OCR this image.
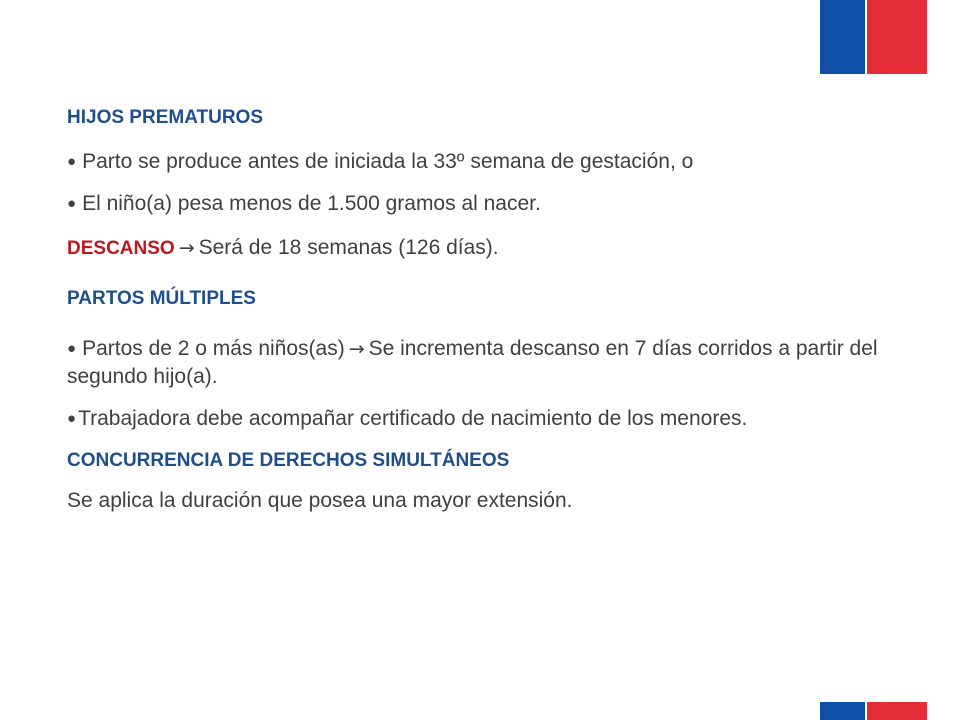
HIJOS PREMATUROS

● Parto se produce antes de iniciada la 33º semana de gestación, o

● El niño(a) pesa menos de 1.500 gramos al nacer.

DESCANSO → Será de 18 semanas (126 días).

PARTOS MÚLTIPLES

● Partos de 2 o más niños(as) → Se incrementa descanso en 7 días corridos a partir del segundo hijo(a).

●Trabajadora debe acompañar certificado de nacimiento de los menores.

CONCURRENCIA DE DERECHOS SIMULTÁNEOS

Se aplica la duración que posea una mayor extensión.
